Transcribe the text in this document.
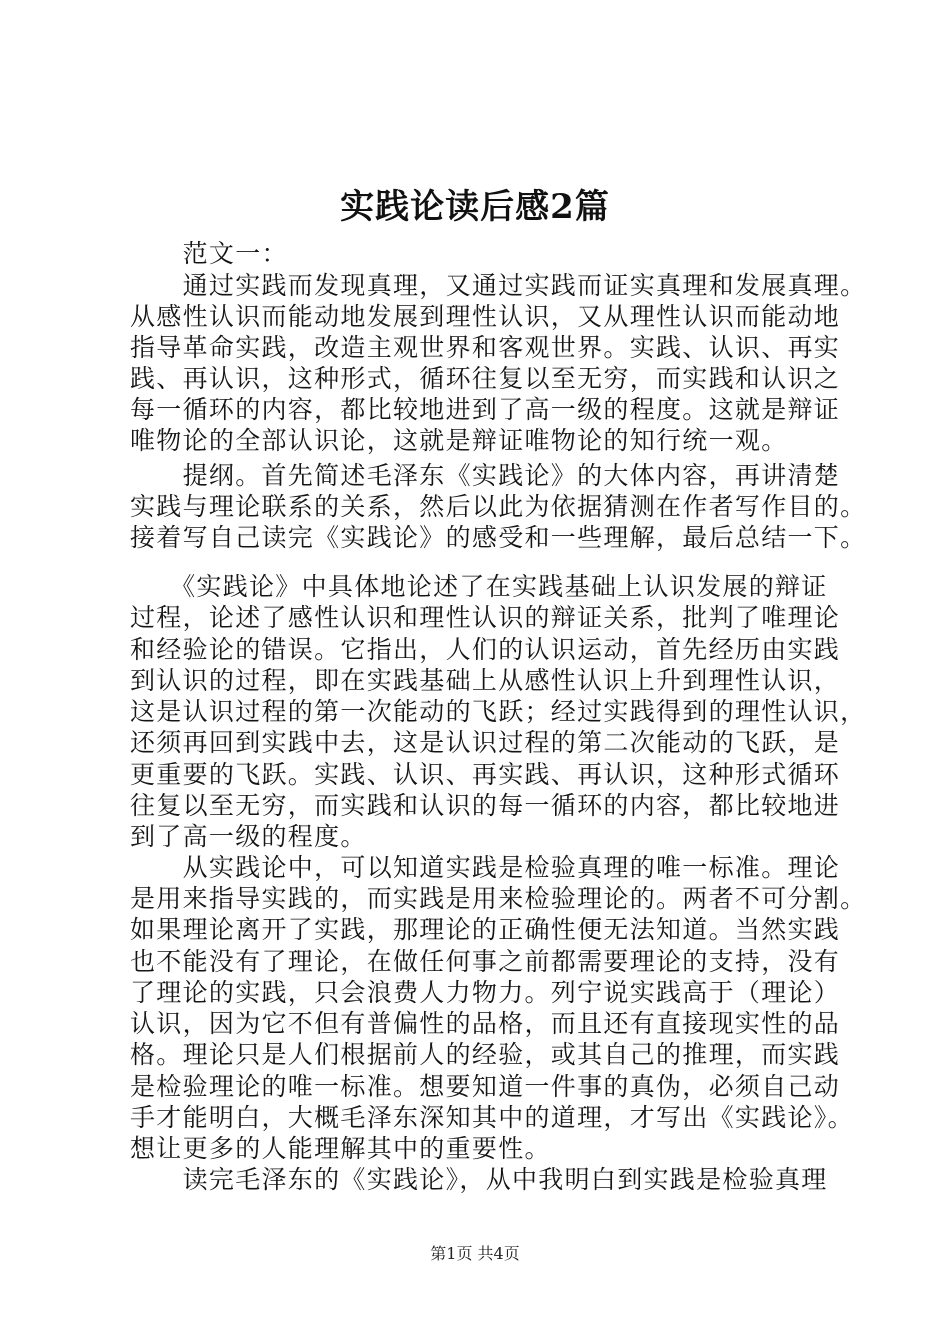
实践论读后感2篇

　　范文一：

　　通过实践而发现真理，又通过实践而证实真理和发展真理。

从感性认识而能动地发展到理性认识，又从理性认识而能动地

指导革命实践，改造主观世界和客观世界。实践、认识、再实

践、再认识，这种形式，循环往复以至无穷，而实践和认识之

每一循环的内容，都比较地进到了高一级的程度。这就是辩证

唯物论的全部认识论，这就是辩证唯物论的知行统一观。

　　提纲。首先简述毛泽东《实践论》的大体内容，再讲清楚

实践与理论联系的关系，然后以此为依据猜测在作者写作目的。

接着写自己读完《实践论》的感受和一些理解，最后总结一下。

　　《实践论》中具体地论述了在实践基础上认识发展的辩证

过程，论述了感性认识和理性认识的辩证关系，批判了唯理论

和经验论的错误。它指出，人们的认识运动，首先经历由实践

到认识的过程，即在实践基础上从感性认识上升到理性认识，

这是认识过程的第一次能动的飞跃；经过实践得到的理性认识，

还须再回到实践中去，这是认识过程的第二次能动的飞跃，是

更重要的飞跃。实践、认识、再实践、再认识，这种形式循环

往复以至无穷，而实践和认识的每一循环的内容，都比较地进

到了高一级的程度。

　　从实践论中，可以知道实践是检验真理的唯一标准。理论

是用来指导实践的，而实践是用来检验理论的。两者不可分割。

如果理论离开了实践，那理论的正确性便无法知道。当然实践

也不能没有了理论，在做任何事之前都需要理论的支持，没有

了理论的实践，只会浪费人力物力。列宁说实践高于（理论）

认识，因为它不但有普偏性的品格，而且还有直接现实性的品

格。理论只是人们根据前人的经验，或其自己的推理，而实践

是检验理论的唯一标准。想要知道一件事的真伪，必须自己动

手才能明白，大概毛泽东深知其中的道理，才写出《实践论》。

想让更多的人能理解其中的重要性。

　　读完毛泽东的《实践论》，从中我明白到实践是检验真理

第1页 共4页
